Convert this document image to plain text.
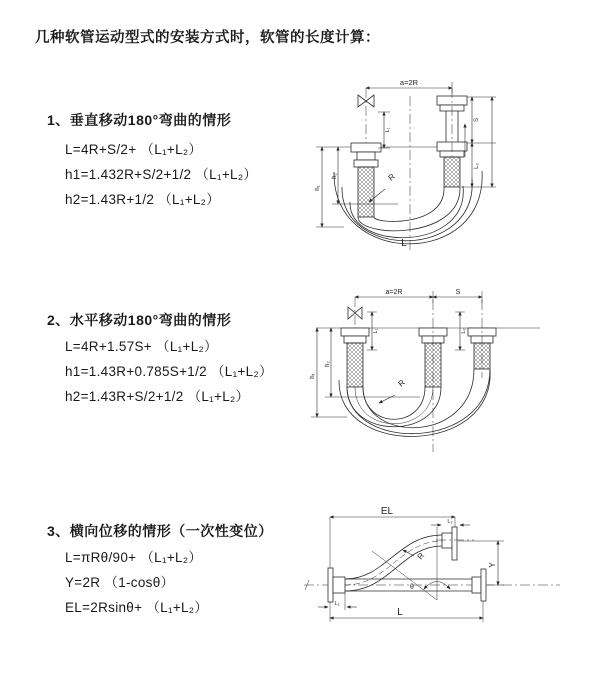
几种软管运动型式的安装方式时，软管的长度计算：
1、垂直移动180°弯曲的情形
L=4R+S/2+ （L₁+L₂）
h1=1.432R+S/2+1/2 （L₁+L₂）
h2=1.43R+1/2 （L₁+L₂）
2、水平移动180°弯曲的情形
L=4R+1.57S+ （L₁+L₂）
h1=1.43R+0.785S+1/2 （L₁+L₂）
h2=1.43R+S/2+1/2 （L₁+L₂）
3、横向位移的情形（一次性变位）
L=πRθ/90+ （L₁+L₂）
Y=2R （1-cosθ）
EL=2Rsinθ+ （L₁+L₂）
a=2R
L₁
h₂
h₁
S
L₂
R
L
a=2R	S
L₁	L₂
h₂
h₁
R
θ
EL
L₂
Y
L
L₁
R
